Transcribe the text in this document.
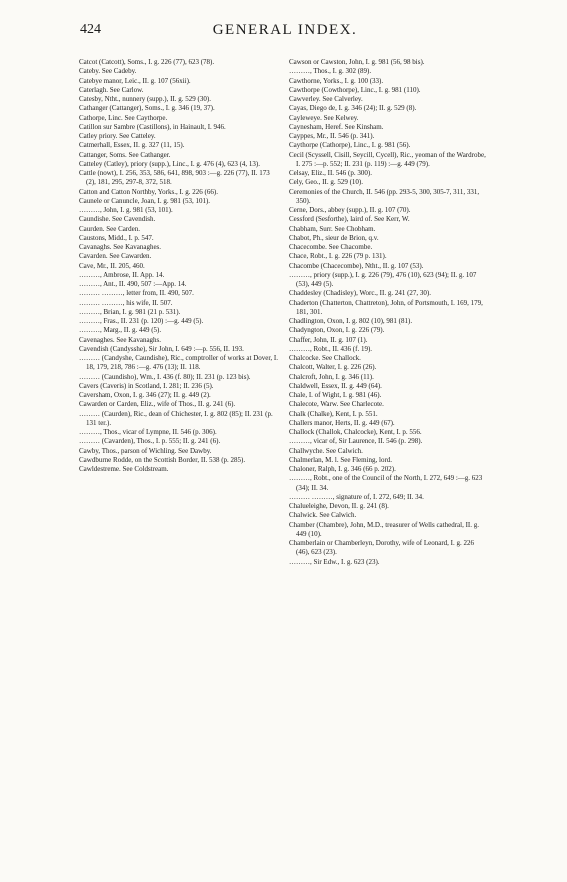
424	GENERAL INDEX.

Catcot (Catcott), Soms., I. g. 226 (77), 623 (78).

Cateby. See Cadeby.

Catebye manor, Leic., II. g. 107 (56xii).

Caterlagh. See Carlow.

Catesby, Ntht., nunnery (supp.), II. g. 529 (30).

Cathanger (Cattanger), Soms., I. g. 346 (19, 37).

Cathorpe, Linc. See Caythorpe.

Catillon sur Sambre (Castillons), in Hainault, I. 946.

Catley priory. See Catteley.

Catmerhall, Essex, II. g. 327 (11, 15).

Cattanger, Soms. See Cathanger.

Catteley (Catley), priory (supp.), Linc., I. g. 476 (4), 623 (4, 13).

Cattle (nowt), I. 256, 353, 586, 641, 898, 903 :—g. 226 (77), II. 173 (2), 181, 295, 297-8, 372, 518.

Catton and Catton Northby, Yorks., I. g. 226 (66).

Caunele or Canuncle, Joan, I. g. 981 (53, 101).

………, John, I. g. 981 (53, 101).

Caundishe. See Cavendish.

Caurden. See Carden.

Caustons, Midd., I. p. 547.

Cavanaghs. See Kavanaghes.

Cavarden. See Cawarden.

Cave, Mr., II. 205, 460.

………, Ambrose, II. App. 14.

………, Ant., II. 490, 507 :—App. 14.

……… ………, letter from, II. 490, 507.

……… ………, his wife, II. 507.

………, Brian, I. g. 981 (21 p. 531).

………, Fras., II. 231 (p. 120) :—g. 449 (5).

………, Marg., II. g. 449 (5).

Cavenaghes. See Kavanaghs.

Cavendish (Candysshe), Sir John, I. 649 :—p. 556, II. 193.

……… (Candyshe, Caundishe), Ric., comptroller of works at Dover, I. 18, 179, 218, 786 :—g. 476 (13); II. 118.

……… (Caundisho), Wm., I. 436 (f. 80); II. 231 (p. 123 bis).

Cavers (Caveris) in Scotland, I. 281; II. 236 (5).

Caversham, Oxon, I. g. 346 (27); II. g. 449 (2).

Cawarden or Carden, Eliz., wife of Thos., II. g. 241 (6).

……… (Caurden), Ric., dean of Chichester, I. g. 802 (85); II. 231 (p. 131 ter.).

………, Thos., vicar of Lympne, II. 546 (p. 306).

……… (Cavarden), Thos., I. p. 555; II. g. 241 (6).

Cawby, Thos., parson of Wichling. See Dawby.

Cawdburne Rodde, on the Scottish Border, II. 538 (p. 285).

Cawldestreme. See Coldstream.

Cawson or Cawston, John, I. g. 981 (56, 98 bis).

………, Thos., I. g. 302 (89).

Cawthorne, Yorks., I. g. 100 (33).

Cawthorpe (Cowthorpe), Linc., I. g. 981 (110).

Cawverley. See Calverley.

Cayas, Diego de, I. g. 346 (24); II. g. 529 (8).

Cayleweye. See Kelwey.

Caynesham, Heref. See Kinsham.

Cayppes, Mr., II. 546 (p. 341).

Caythorpe (Cathorpe), Linc., I. g. 981 (56).

Cecil (Scyssell, Cisill, Seycill, Cycell), Ric., yeoman of the Wardrobe, I. 275 :—p. 552; II. 231 (p. 119) :—g. 449 (79).

Celsay, Eliz., II. 546 (p. 300).

Cely, Geo., II. g. 529 (10).

Ceremonies of the Church, II. 546 (pp. 293-5, 300, 305-7, 311, 331, 350).

Cerne, Dors., abbey (supp.), II. g. 107 (70).

Cessford (Sesforthe), laird of. See Kerr, W.

Chabham, Surr. See Chobham.

Chabot, Ph., sieur de Brion, q.v.

Chacecombe. See Chacombe.

Chace, Robt., I. g. 226 (79 p. 131).

Chacombe (Chacecombe), Ntht., II. g. 107 (53).

………, priory (supp.), I. g. 226 (79), 476 (10), 623 (94); II. g. 107 (53), 449 (5).

Chaddesley (Chadisley), Worc., II. g. 241 (27, 30).

Chaderton (Chatterton, Chattreton), John, of Portsmouth, I. 169, 179, 181, 301.

Chadlington, Oxon, I. g. 802 (10), 981 (81).

Chadyngton, Oxon, I. g. 226 (79).

Chaffer, John, II. g. 107 (1).

………, Robt., II. 436 (f. 19).

Chalcocke. See Challock.

Chalcott, Walter, I. g. 226 (26).

Chalcroft, John, I. g. 346 (11).

Chaldwell, Essex, II. g. 449 (64).

Chale, I. of Wight, I. g. 981 (46).

Chalecote, Warw. See Charlecote.

Chalk (Chalke), Kent, I. p. 551.

Challers manor, Herts, II. g. 449 (67).

Challock (Challok, Chalcocke), Kent, I. p. 556.

………, vicar of, Sir Laurence, II. 546 (p. 298).

Challwyche. See Calwich.

Chalmerlan, M. l. See Fleming, lord.

Chaloner, Ralph, I. g. 346 (66 p. 202).

………, Robt., one of the Council of the North, I. 272, 649 :—g. 623 (34); II. 34.

……… ………, signature of, I. 272, 649; II. 34.

Chalueleighe, Devon, II. g. 241 (8).

Chalwick. See Calwich.

Chamber (Chambre), John, M.D., treasurer of Wells cathedral, II. g. 449 (10).

Chamberlain or Chamberleyn, Dorothy, wife of Leonard, I. g. 226 (46), 623 (23).

………, Sir Edw., I. g. 623 (23).
